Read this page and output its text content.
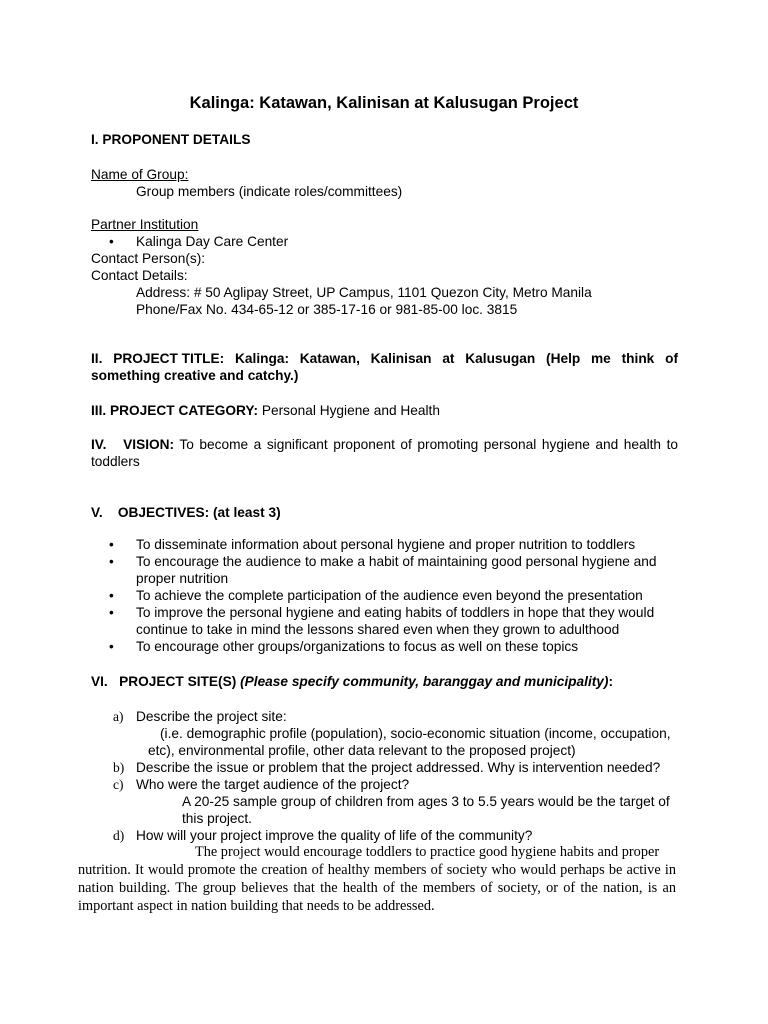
Kalinga: Katawan, Kalinisan at Kalusugan Project
I. PROPONENT DETAILS
Name of Group:
Group members (indicate roles/committees)
Partner Institution
• Kalinga Day Care Center
Contact Person(s):
Contact Details:
Address: # 50 Aglipay Street, UP Campus, 1101 Quezon City, Metro Manila
Phone/Fax No. 434-65-12 or 385-17-16 or 981-85-00 loc. 3815
II. PROJECT TITLE: Kalinga: Katawan, Kalinisan at Kalusugan (Help me think of
something creative and catchy.)
III. PROJECT CATEGORY: Personal Hygiene and Health
IV. VISION: To become a significant proponent of promoting personal hygiene and health to toddlers
V.    OBJECTIVES: (at least 3)
• To disseminate information about personal hygiene and proper nutrition to toddlers
• To encourage the audience to make a habit of maintaining good personal hygiene and proper nutrition
• To achieve the complete participation of the audience even beyond the presentation
• To improve the personal hygiene and eating habits of toddlers in hope that they would continue to take in mind the lessons shared even when they grown to adulthood
• To encourage other groups/organizations to focus as well on these topics
VI.   PROJECT SITE(S) (Please specify community, baranggay and municipality):
a) Describe the project site:
(i.e. demographic profile (population), socio-economic situation (income, occupation, etc), environmental profile, other data relevant to the proposed project)
b) Describe the issue or problem that the project addressed. Why is intervention needed?
c) Who were the target audience of the project?
A 20-25 sample group of children from ages 3 to 5.5 years would be the target of this project.
d) How will your project improve the quality of life of the community?
The project would encourage toddlers to practice good hygiene habits and proper
nutrition. It would promote the creation of healthy members of society who would perhaps be active in nation building. The group believes that the health of the members of society, or of the nation, is an important aspect in nation building that needs to be addressed.
